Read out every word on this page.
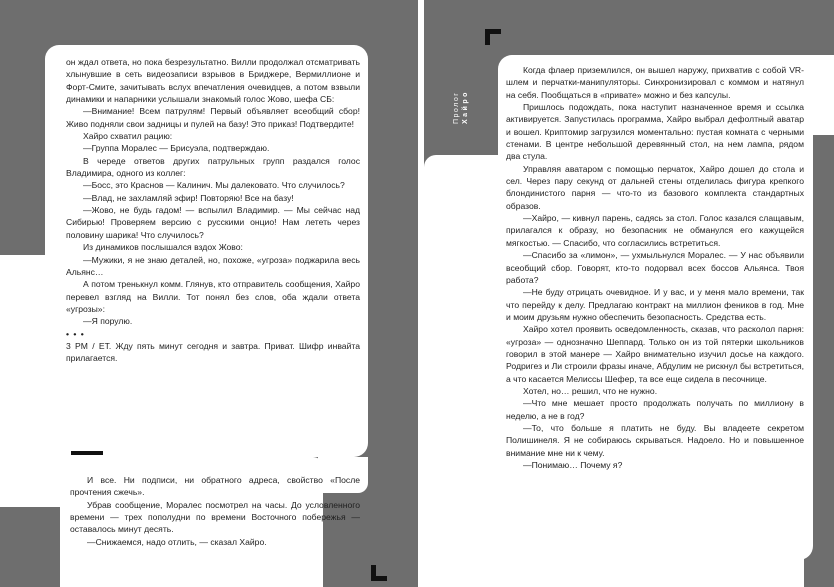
он ждал ответа, но пока безрезультатно. Вилли продолжал отсматривать хлынувшие в сеть видеозаписи взрывов в Бриджере, Вермиллионе и Форт-Смите, зачитывать вслух впечатления очевидцев, а потом взвыли динамики и напарники услышали знакомый голос Жово, шефа СБ:

—Внимание! Всем патрулям! Первый объявляет всеобщий сбор! Живо подняли свои задницы и пулей на базу! Это приказ! Подтвердите!

Хайро схватил рацию:

—Группа Моралес — Брисуэла, подтверждаю.

В череде ответов других патрульных групп раздался голос Владимира, одного из коллег:

—Босс, это Краснов — Калинич. Мы далековато. Что случилось?

—Влад, не захламляй эфир! Повторяю! Все на базу!

—Жово, не будь гадом! — вспылил Владимир. — Мы сейчас над Сибирью! Проверяем версию с русскими онцио! Нам лететь через половину шарика! Что случилось?

Из динамиков послышался вздох Жово:

—Мужики, я не знаю деталей, но, похоже, «угроза» поджарила весь Альянс…

А потом тренькнул комм. Глянув, кто отправитель сообщения, Хайро перевел взгляд на Вилли. Тот понял без слов, оба ждали ответа «угрозы»:

—Я порулю.

• • •

3 PM / ET. Жду пять минут сегодня и завтра. Приват. Шифр инвайта прилагается.

И все. Ни подписи, ни обратного адреса, свойство «После прочтения сжечь».

Убрав сообщение, Моралес посмотрел на часы. До условленного времени — трех пополудни по времени Восточного побережья — оставалось минут десять.

—Снижаемся, надо отлить, — сказал Хайро.

Когда флаер приземлился, он вышел наружу, прихватив с собой VR-шлем и перчатки-манипуляторы. Синхронизировал с коммом и натянул на себя. Пообщаться в «привате» можно и без капсулы.

Пришлось подождать, пока наступит назначенное время и ссылка активируется. Запустилась программа, Хайро выбрал дефолтный аватар и вошел. Криптомир загрузился моментально: пустая комната с черными стенами. В центре небольшой деревянный стол, на нем лампа, рядом два стула.

Управляя аватаром с помощью перчаток, Хайро дошел до стола и сел. Через пару секунд от дальней стены отделилась фигура крепкого блондинистого парня — что-то из базового комплекта стандартных образов.

—Хайро, — кивнул парень, садясь за стол. Голос казался слащавым, прилагался к образу, но безопасник не обманулся его кажущейся мягкостью. — Спасибо, что согласились встретиться.

—Спасибо за «лимон», — ухмыльнулся Моралес. — У нас объявили всеобщий сбор. Говорят, кто-то подорвал всех боссов Альянса. Твоя работа?

—Не буду отрицать очевидное. И у вас, и у меня мало времени, так что перейду к делу. Предлагаю контракт на миллион феников в год. Мне и моим друзьям нужно обеспечить безопасность. Средства есть.

Хайро хотел проявить осведомленность, сказав, что расколол парня: «угроза» — однозначно Шеппард. Только он из той пятерки школьников говорил в этой манере — Хайро внимательно изучил досье на каждого. Родригез и Ли строили фразы иначе, Абдулим не рискнул бы встретиться, а что касается Мелиссы Шефер, та все еще сидела в песочнице.

Хотел, но… решил, что не нужно.

—Что мне мешает просто продолжать получать по миллиону в неделю, а не в год?

—То, что больше я платить не буду. Вы владеете секретом Полишинеля. Я не собираюсь скрываться. Надоело. Но и повышенное внимание мне ни к чему.

—Понимаю… Почему я?

Пролог Хайро
